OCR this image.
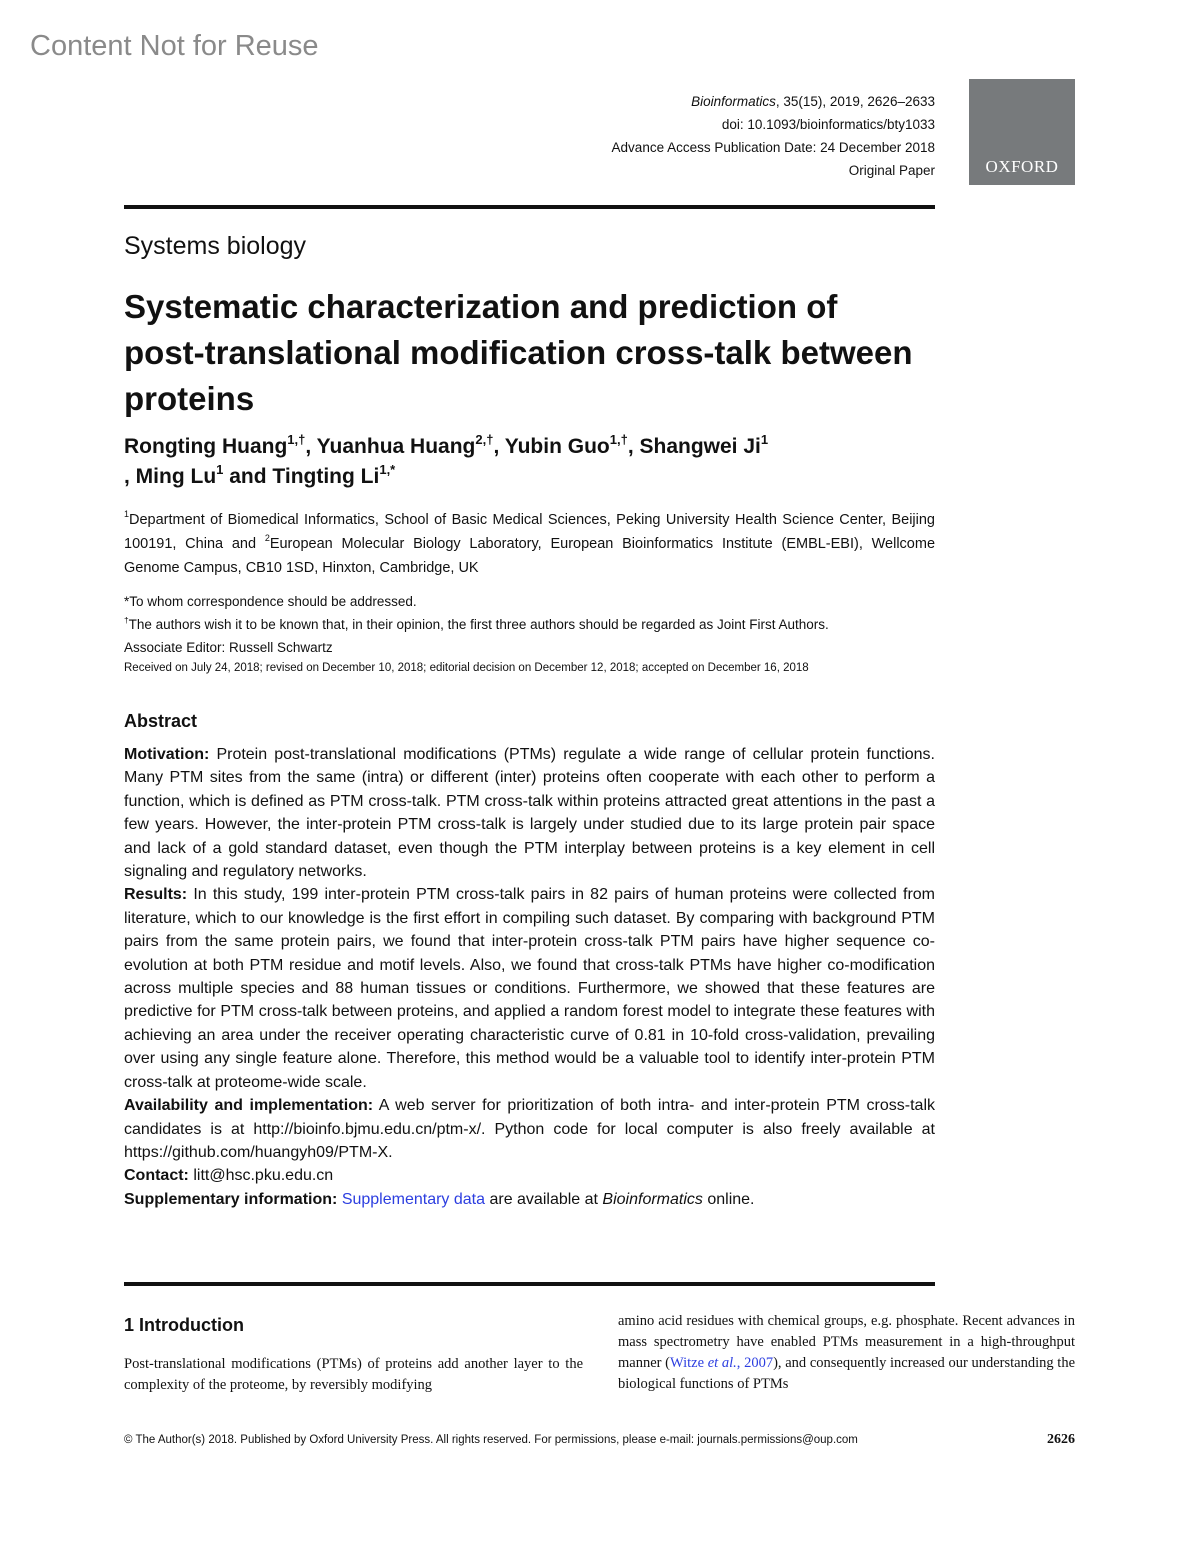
Content Not for Reuse
Bioinformatics, 35(15), 2019, 2626–2633
doi: 10.1093/bioinformatics/bty1033
Advance Access Publication Date: 24 December 2018
Original Paper	OXFORD
Systems biology
Systematic characterization and prediction of post-translational modification cross-talk between proteins
Rongting Huang$^{1,\dagger}$, Yuanhua Huang$^{2,\dagger}$, Yubin Guo$^{1,\dagger}$, Shangwei Ji$^1$
, Ming Lu$^1$ and Tingting $Li^{1,*}$
$^1$Department of Biomedical Informatics, School of Basic Medical Sciences, Peking University Health Science Center, Beijing 100191, China and $^2$European Molecular Biology Laboratory, European Bioinformatics Institute (EMBL-EBI), Wellcome Genome Campus, CB10 1SD, Hinxton, Cambridge, UK
*To whom correspondence should be addressed.
†The authors wish it to be known that, in their opinion, the first three authors should be regarded as Joint First Authors.
Associate Editor: Russell Schwartz
Received on July 24, 2018; revised on December 10, 2018; editorial decision on December 12, 2018; accepted on December 16, 2018
Abstract

Motivation: Protein post-translational modifications (PTMs) regulate a wide range of cellular protein functions. Many PTM sites from the same (intra) or different (inter) proteins often cooperate with each other to perform a function, which is defined as PTM cross-talk. PTM cross-talk within proteins attracted great attentions in the past a few years. However, the inter-protein PTM cross-talk is largely under studied due to its large protein pair space and lack of a gold standard dataset, even though the PTM interplay between proteins is a key element in cell signaling and regulatory networks.

Results: In this study, 199 inter-protein PTM cross-talk pairs in 82 pairs of human proteins were collected from literature, which to our knowledge is the first effort in compiling such dataset. By comparing with background PTM pairs from the same protein pairs, we found that inter-protein cross-talk PTM pairs have higher sequence co-evolution at both PTM residue and motif levels. Also, we found that cross-talk PTMs have higher co-modification across multiple species and 88 human tissues or conditions. Furthermore, we showed that these features are predictive for PTM cross-talk between proteins, and applied a random forest model to integrate these features with achieving an area under the receiver operating characteristic curve of 0.81 in 10-fold cross-validation, prevailing over using any single feature alone. Therefore, this method would be a valuable tool to identify inter-protein PTM cross-talk at proteome-wide scale.

Availability and implementation: A web server for prioritization of both intra- and inter-protein PTM cross-talk candidates is at http://bioinfo.bjmu.edu.cn/ptm-x/. Python code for local computer is also freely available at https://github.com/huangyh09/PTM-X.

Contact: litt@hsc.pku.edu.cn

Supplementary information: Supplementary data are available at Bioinformatics online.

1 Introduction
Post-translational modifications (PTMs) of proteins add another layer to the complexity of the proteome, by reversibly modifying
amino acid residues with chemical groups, e.g. phosphate. Recent advances in mass spectrometry have enabled PTMs measurement in a high-throughput manner (Witze et al., 2007), and consequently increased our understanding the biological functions of PTMs
© The Author(s) 2018. Published by Oxford University Press. All rights reserved. For permissions, please e-mail: journals.permissions@oup.com	2626
